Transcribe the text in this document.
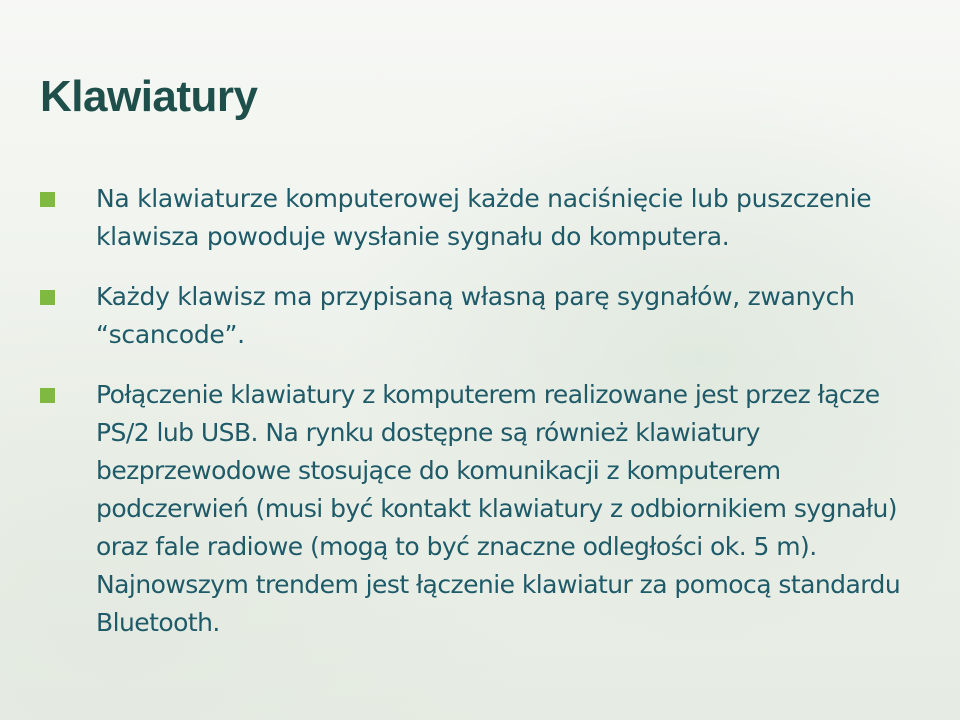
Klawiatury
Na klawiaturze komputerowej każde naciśnięcie lub puszczenie klawisza powoduje wysłanie sygnału do komputera.
Każdy klawisz ma przypisaną własną parę sygnałów, zwanych “scancode”.
Połączenie klawiatury z komputerem realizowane jest przez łącze PS/2 lub USB. Na rynku dostępne są również klawiatury bezprzewodowe stosujące do komunikacji z komputerem podczerwień (musi być kontakt klawiatury z odbiornikiem sygnału) oraz fale radiowe (mogą to być znaczne odległości ok. 5 m). Najnowszym trendem jest łączenie klawiatur za pomocą standardu Bluetooth.
